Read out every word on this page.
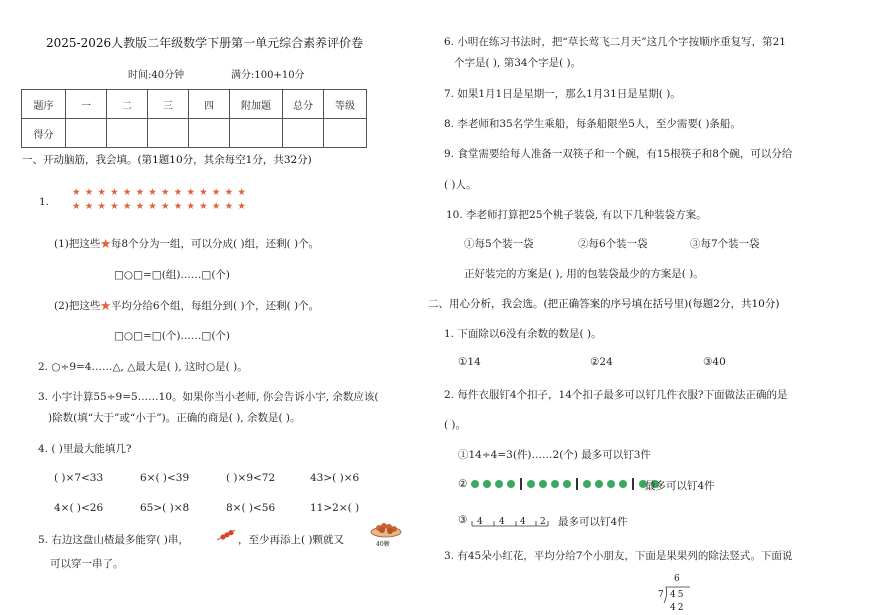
2025-2026人教版二年级数学下册第一单元综合素养评价卷
时间:40分钟	满分:100+10分
题序	一	二	三	四	附加题	总分	等级
得分							
一、开动脑筋，我会填。(第1题10分，其余每空1分，共32分)
1.
★★★★★★★★★★★★★★
★★★★★★★★★★★★★★
(1)把这些★每8个分为一组，可以分成( )组，还剩( )个。
□○□=□(组)……□(个)
(2)把这些★平均分给6个组，每组分到( )个，还剩( )个。
□○□=□(个)……□(个)
2. ○÷9=4……△, △最大是( ), 这时○是( )。
3. 小宇计算55÷9=5……10。如果你当小老师, 你会告诉小宇, 余数应该(
)除数(填“大于”或“小于”)。正确的商是( ), 余数是( )。
4. ( )里最大能填几?
( )×7<33	6×( )<39	( )×9<72	43>( )×6
4×( )<26	65>( )×8	8×( )<56	11>2×( )
5. 右边这盘山楂最多能穿( )串，	，至少再添上( )颗就又
可以穿一串了。
40颗
6. 小明在练习书法时，把“草长莺飞二月天”这几个字按顺序重复写，第21
个字是( ), 第34个字是( )。
7. 如果1月1日是星期一，那么1月31日是星期( )。
8. 李老师和35名学生乘船，每条船限坐5人，至少需要( )条船。
9. 食堂需要给每人准备一双筷子和一个碗，有15根筷子和8个碗，可以分给
( )人。
10. 李老师打算把25个桃子装袋, 有以下几种装袋方案。
①每5个装一袋	②每6个装一袋	③每7个装一袋
正好装完的方案是( ), 用的包装袋最少的方案是( )。
二、用心分析，我会选。(把正确答案的序号填在括号里)(每题2分，共10分)
1. 下面除以6没有余数的数是( )。
①14	②24	③40
2. 每件衣服钉4个扣子，14个扣子最多可以钉几件衣服?下面做法正确的是
( )。
①14÷4=3(件)……2(个) 最多可以钉3件
②	最多可以钉4件
③ 4 4 4 2 最多可以钉4件
3. 有45朵小红花，平均分给7个小朋友，下面是果果列的除法竖式。下面说
6
7 45
42
